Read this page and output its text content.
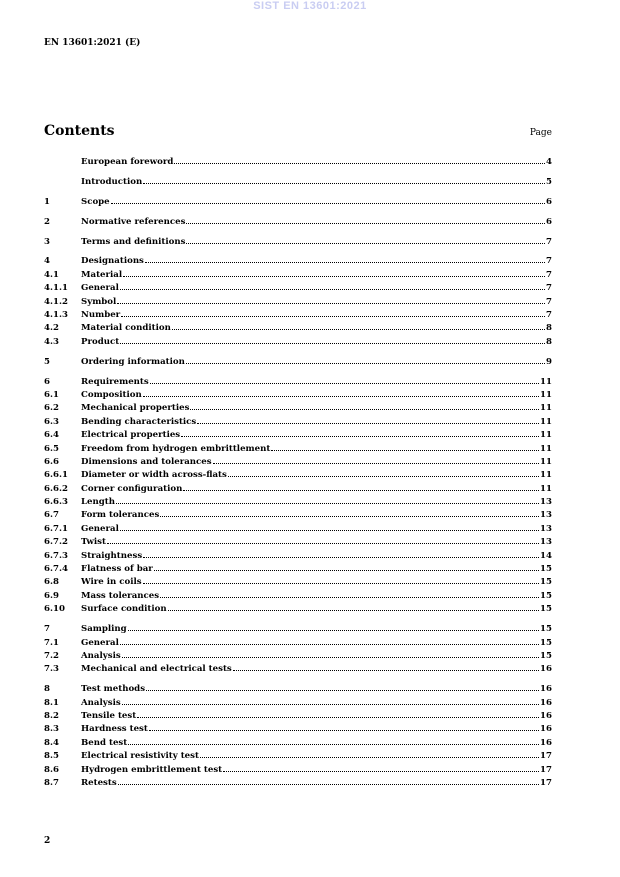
SIST EN 13601:2021
EN 13601:2021 (E)
Contents	Page
European foreword	4
Introduction	5
1	Scope	6
2	Normative references	6
3	Terms and definitions	7
4	Designations	7
4.1	Material	7
4.1.1	General	7
4.1.2	Symbol	7
4.1.3	Number	7
4.2	Material condition	8
4.3	Product	8
5	Ordering information	9
6	Requirements	11
6.1	Composition	11
6.2	Mechanical properties	11
6.3	Bending characteristics	11
6.4	Electrical properties	11
6.5	Freedom from hydrogen embrittlement	11
6.6	Dimensions and tolerances	11
6.6.1	Diameter or width across-flats	11
6.6.2	Corner configuration	11
6.6.3	Length	13
6.7	Form tolerances	13
6.7.1	General	13
6.7.2	Twist	13
6.7.3	Straightness	14
6.7.4	Flatness of bar	15
6.8	Wire in coils	15
6.9	Mass tolerances	15
6.10	Surface condition	15
7	Sampling	15
7.1	General	15
7.2	Analysis	15
7.3	Mechanical and electrical tests	16
8	Test methods	16
8.1	Analysis	16
8.2	Tensile test	16
8.3	Hardness test	16
8.4	Bend test	16
8.5	Electrical resistivity test	17
8.6	Hydrogen embrittlement test	17
8.7	Retests	17
2
